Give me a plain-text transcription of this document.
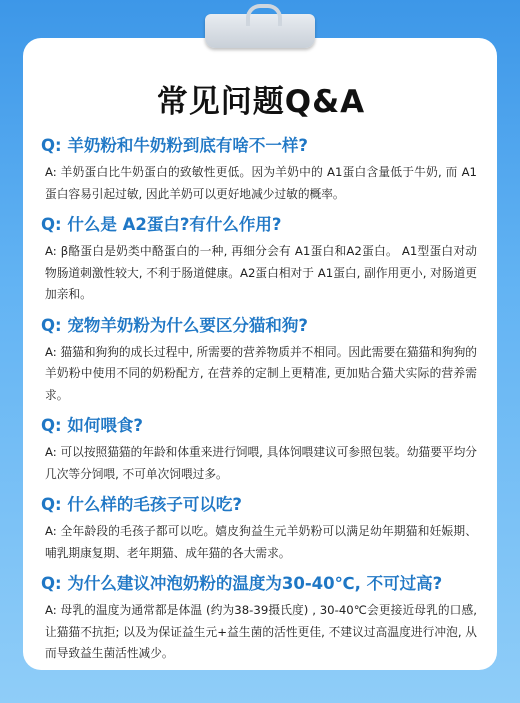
常见问题Q&A
Q: 羊奶粉和牛奶粉到底有啥不一样?
A: 羊奶蛋白比牛奶蛋白的致敏性更低。因为羊奶中的 A1蛋白含量低于牛奶, 而 A1蛋白容易引起过敏, 因此羊奶可以更好地减少过敏的概率。
Q: 什么是 A2蛋白?有什么作用?
A: β酪蛋白是奶类中酪蛋白的一种, 再细分会有 A1蛋白和A2蛋白。 A1型蛋白对动物肠道刺激性较大, 不利于肠道健康。A2蛋白相对于 A1蛋白, 副作用更小, 对肠道更加亲和。
Q: 宠物羊奶粉为什么要区分猫和狗?
A: 猫猫和狗狗的成长过程中, 所需要的营养物质并不相同。因此需要在猫猫和狗狗的羊奶粉中使用不同的奶粉配方, 在营养的定制上更精准, 更加贴合猫犬实际的营养需求。
Q: 如何喂食?
A: 可以按照猫猫的年龄和体重来进行饲喂, 具体饲喂建议可参照包装。幼猫要平均分几次等分饲喂, 不可单次饲喂过多。
Q: 什么样的毛孩子可以吃?
A: 全年龄段的毛孩子都可以吃。嬉皮狗益生元羊奶粉可以满足幼年期猫和妊娠期、哺乳期康复期、老年期猫、成年猫的各大需求。
Q: 为什么建议冲泡奶粉的温度为30-40℃, 不可过高?
A: 母乳的温度为通常都是体温 (约为38-39摄氏度) , 30-40℃会更接近母乳的口感, 让猫猫不抗拒; 以及为保证益生元+益生菌的活性更佳, 不建议过高温度进行冲泡, 从而导致益生菌活性减少。
